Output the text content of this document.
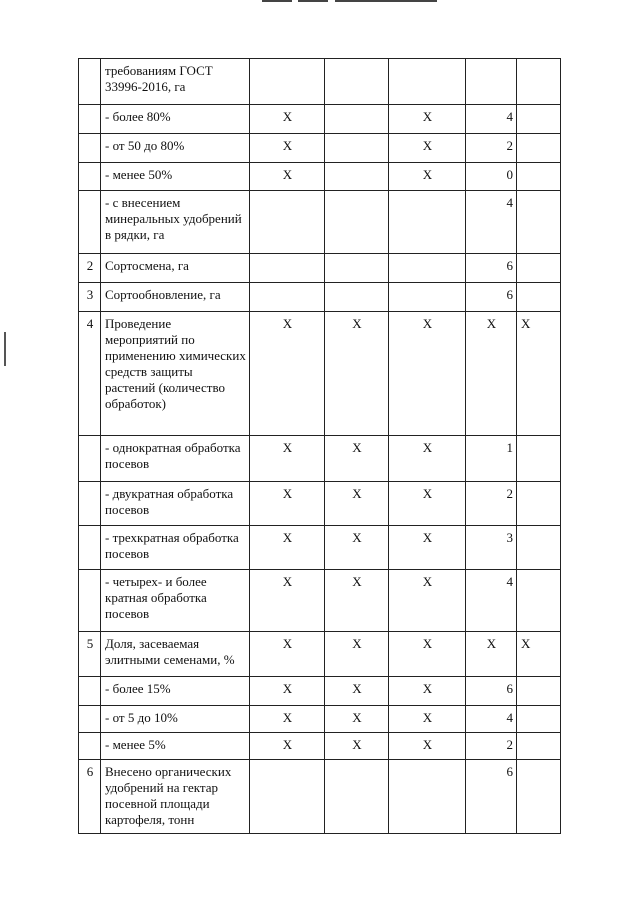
	требованиям ГОСТ 33996-2016, га					
	- более 80%	Х		Х	4	
	- от 50 до 80%	Х		Х	2	
	- менее 50%	Х		Х	0	
	- с внесением минеральных удобрений в рядки, га				4	
2	Сортосмена, га				6	
3	Сортообновление, га				6	
4	Проведение мероприятий по применению химических средств защиты растений (количество обработок)	Х	Х	Х	Х	Х
	- однократная обработка посевов	Х	Х	Х	1	
	- двукратная обработка посевов	Х	Х	Х	2	
	- трехкратная обработка посевов	Х	Х	Х	3	
	- четырех- и более кратная обработка посевов	Х	Х	Х	4	
5	Доля, засеваемая элитными семенами, %	Х	Х	Х	Х	Х
	- более 15%	Х	Х	Х	6	
	- от 5 до 10%	Х	Х	Х	4	
	- менее 5%	Х	Х	Х	2	
6	Внесено органических удобрений на гектар посевной площади картофеля, тонн				6	
